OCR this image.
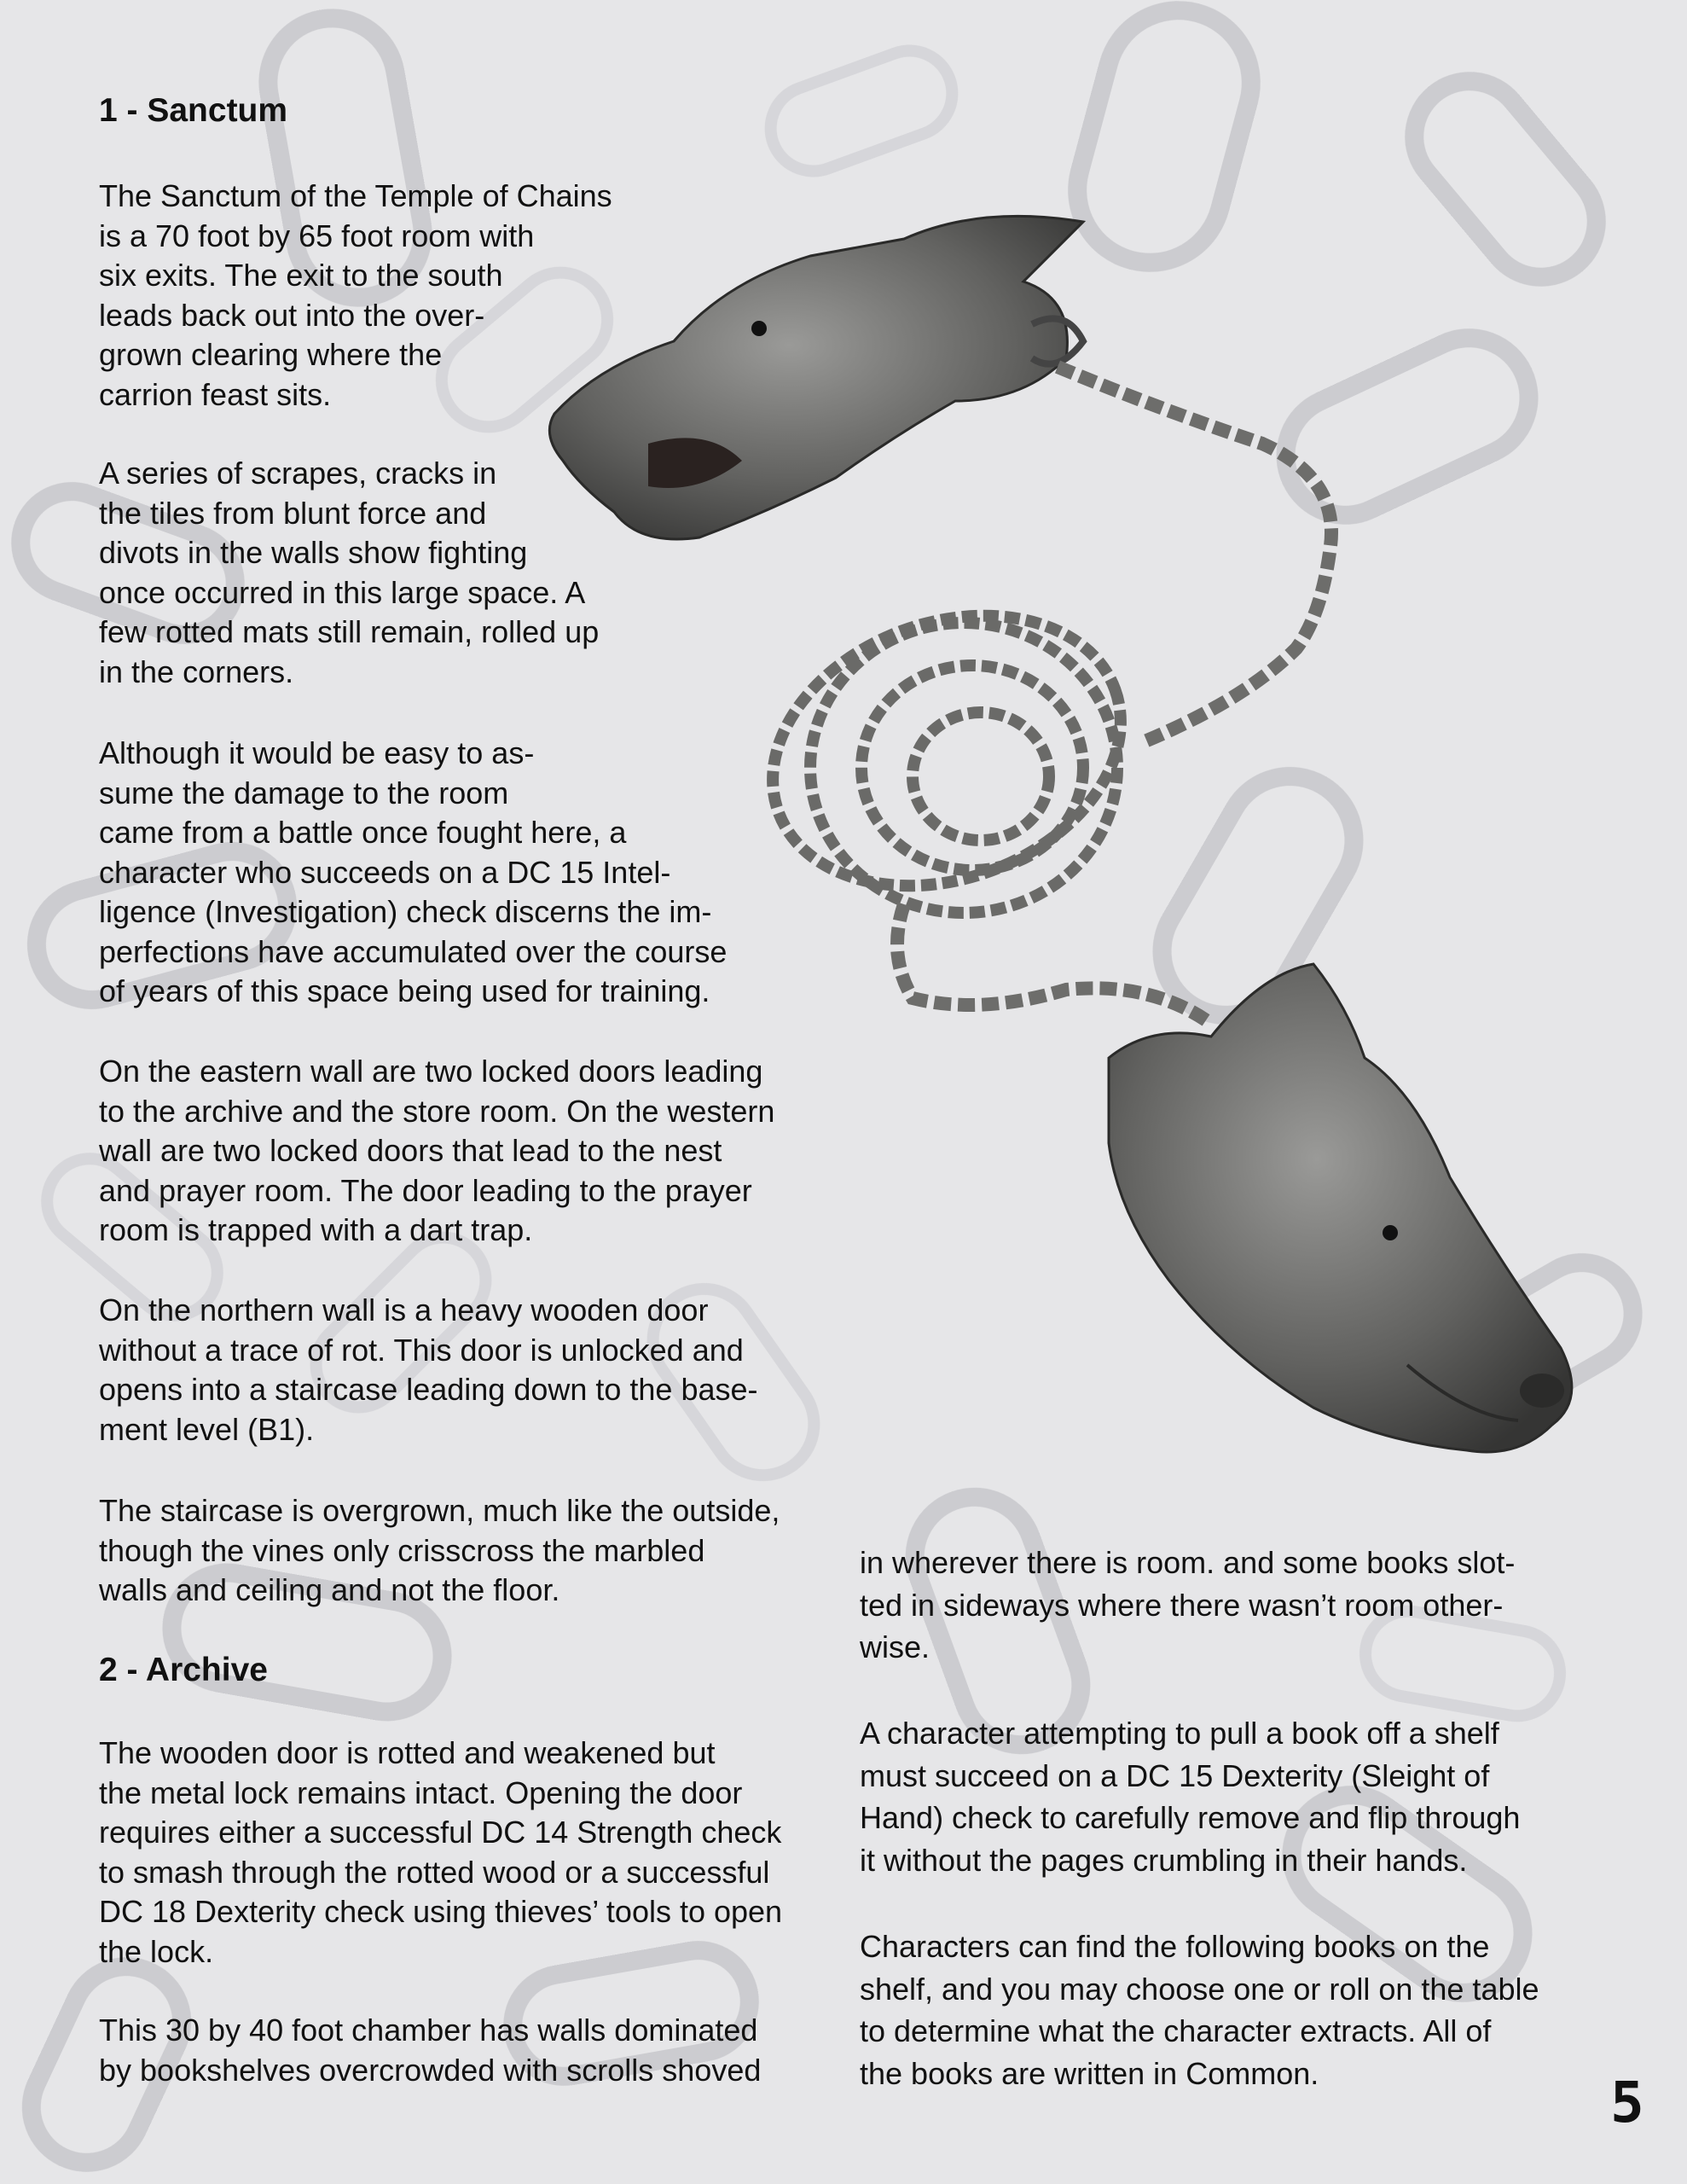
1 - Sanctum

The Sanctum of the Temple of Chains
is a 70 foot by 65 foot room with
six exits. The exit to the south
leads back out into the over-
grown clearing where the
carrion feast sits.

A series of scrapes, cracks in
the tiles from blunt force and
divots in the walls show fighting
once occurred in this large space. A
few rotted mats still remain, rolled up
in the corners.

Although it would be easy to as-
sume the damage to the room
came from a battle once fought here, a
character who succeeds on a DC 15 Intel-
ligence (Investigation) check discerns the im-
perfections have accumulated over the course
of years of this space being used for training.

On the eastern wall are two locked doors leading
to the archive and the store room. On the western
wall are two locked doors that lead to the nest
and prayer room. The door leading to the prayer
room is trapped with a dart trap.

On the northern wall is a heavy wooden door
without a trace of rot. This door is unlocked and
opens into a staircase leading down to the base-
ment level (B1).

The staircase is overgrown, much like the outside,
though the vines only crisscross the marbled
walls and ceiling and not the floor.

2 - Archive

The wooden door is rotted and weakened but
the metal lock remains intact. Opening the door
requires either a successful DC 14 Strength check
to smash through the rotted wood or a successful
DC 18 Dexterity check using thieves’ tools to open
the lock.

This 30 by 40 foot chamber has walls dominated
by bookshelves overcrowded with scrolls shoved

in wherever there is room. and some books slot-
ted in sideways where there wasn’t room other-
wise.

A character attempting to pull a book off a shelf
must succeed on a DC 15 Dexterity (Sleight of
Hand) check to carefully remove and flip through
it without the pages crumbling in their hands.

Characters can find the following books on the
shelf, and you may choose one or roll on the table
to determine what the character extracts. All of
the books are written in Common.	5
